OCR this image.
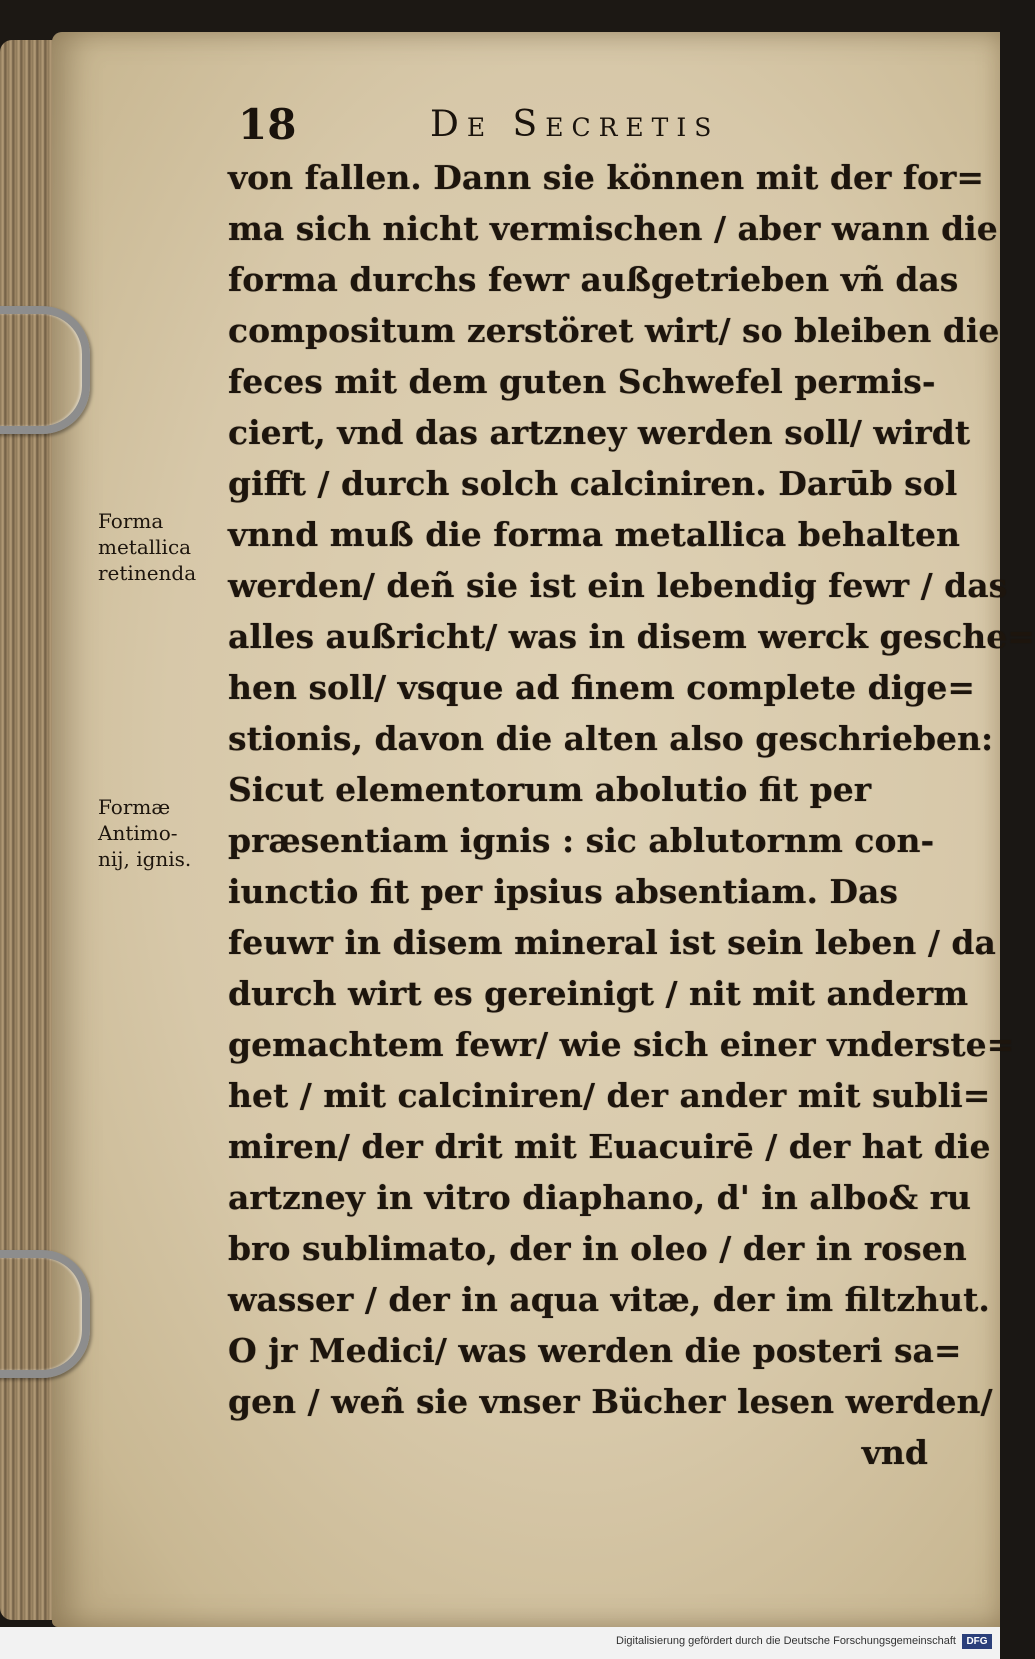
18	De Secretis
von fallen. Dann sie können mit der for=
ma sich nicht vermischen / aber wann die
forma durchs fewr außgetrieben vñ das
compositum zerstöret wirt/ so bleiben die
feces mit dem guten Schwefel permis-
ciert, vnd das artzney werden soll/ wirdt
gifft / durch solch calciniren. Darūb sol
vnnd muß die forma metallica behalten
werden/ deñ sie ist ein lebendig fewr / das
alles außricht/ was in disem werck gesche=
hen soll/ vsque ad finem complete dige=
stionis, davon die alten also geschrieben:
Sicut elementorum abolutio fit per
præsentiam ignis : sic ablutornm con-
iunctio fit per ipsius absentiam. Das
feuwr in disem mineral ist sein leben / da
durch wirt es gereinigt / nit mit anderm
gemachtem fewr/ wie sich einer vnderste=
het / mit calciniren/ der ander mit subli=
miren/ der drit mit Euacuirē / der hat die
artzney in vitro diaphano, d' in albo& ru
bro sublimato, der in oleo / der in rosen
wasser / der in aqua vitæ, der im filtzhut.
O jr Medici/ was werden die posteri sa=
gen / weñ sie vnser Bücher lesen werden/
vnd
Forma
metallica
retinenda
Formæ
Antimo-
nij, ignis.
Digitalisierung gefördert durch die Deutsche Forschungsgemeinschaft	DFG
